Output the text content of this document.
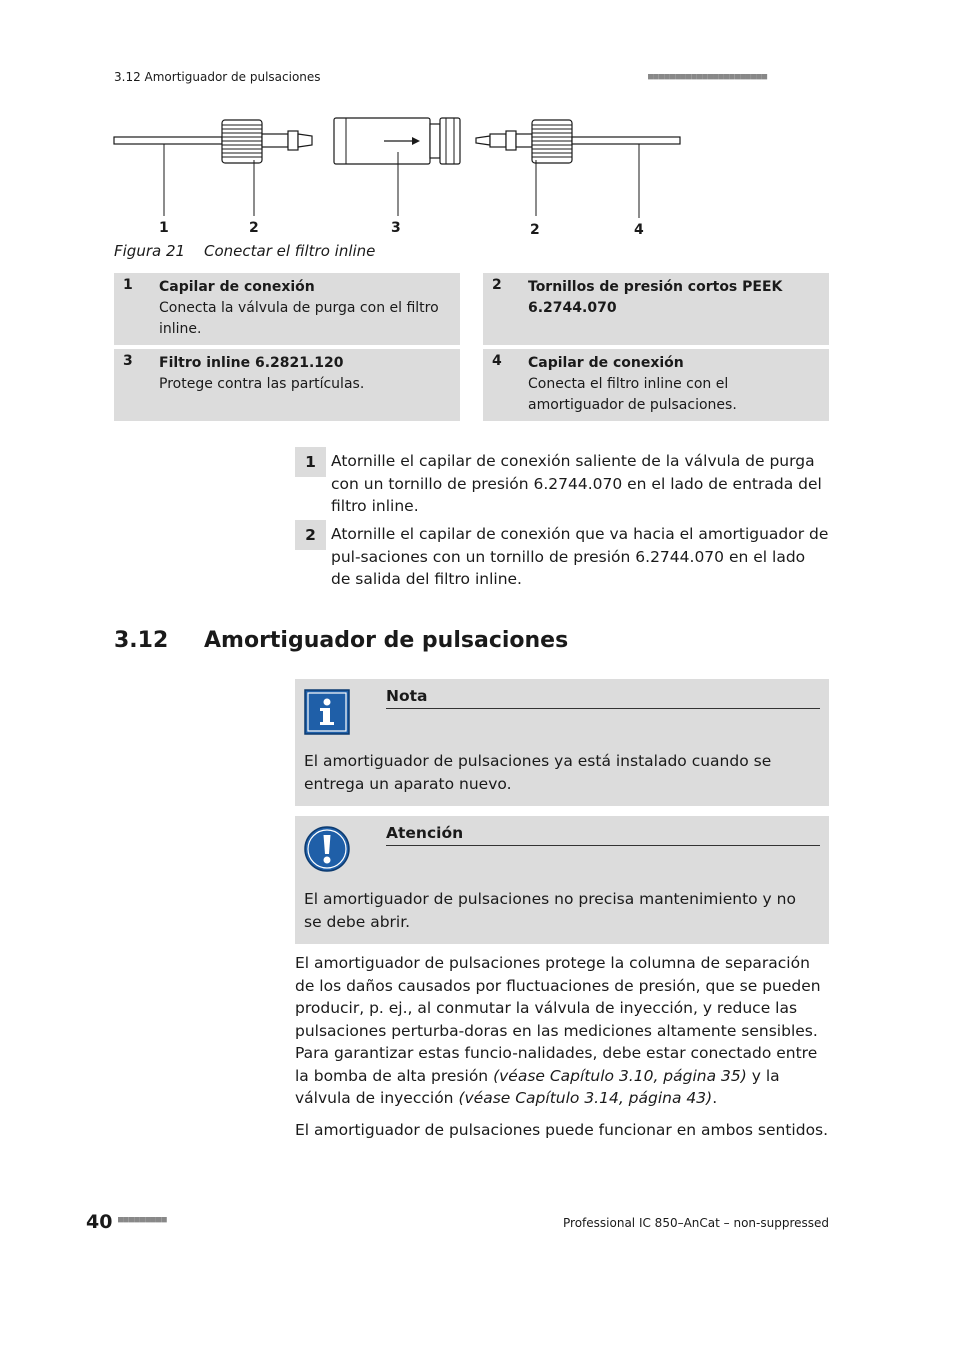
3.12 Amortiguador de pulsaciones	■■■■■■■■■■■■■■■■■■■■■■
1	2	3	2	4
Figura 21 Conectar el filtro inline
1 Capilar de conexión
Conecta la válvula de purga con el filtro inline.
2 Tornillos de presión cortos PEEK 6.2744.070
3 Filtro inline 6.2821.120
Protege contra las partículas.
4 Capilar de conexión
Conecta el filtro inline con el amortiguador de pulsaciones.
1 Atornille el capilar de conexión saliente de la válvula de purga con un tornillo de presión 6.2744.070 en el lado de entrada del filtro inline.
2 Atornille el capilar de conexión que va hacia el amortiguador de pul-saciones con un tornillo de presión 6.2744.070 en el lado de salida del filtro inline.
3.12 Amortiguador de pulsaciones
Nota
El amortiguador de pulsaciones ya está instalado cuando se entrega un aparato nuevo.
Atención
El amortiguador de pulsaciones no precisa mantenimiento y no se debe abrir.
El amortiguador de pulsaciones protege la columna de separación de los daños causados por fluctuaciones de presión, que se pueden producir, p. ej., al conmutar la válvula de inyección, y reduce las pulsaciones perturba-doras en las mediciones altamente sensibles. Para garantizar estas funcio-nalidades, debe estar conectado entre la bomba de alta presión (véase Capítulo 3.10, página 35) y la válvula de inyección (véase Capítulo 3.14, página 43).
El amortiguador de pulsaciones puede funcionar en ambos sentidos.
40 ■■■■■■■■■	Professional IC 850–AnCat – non-suppressed
